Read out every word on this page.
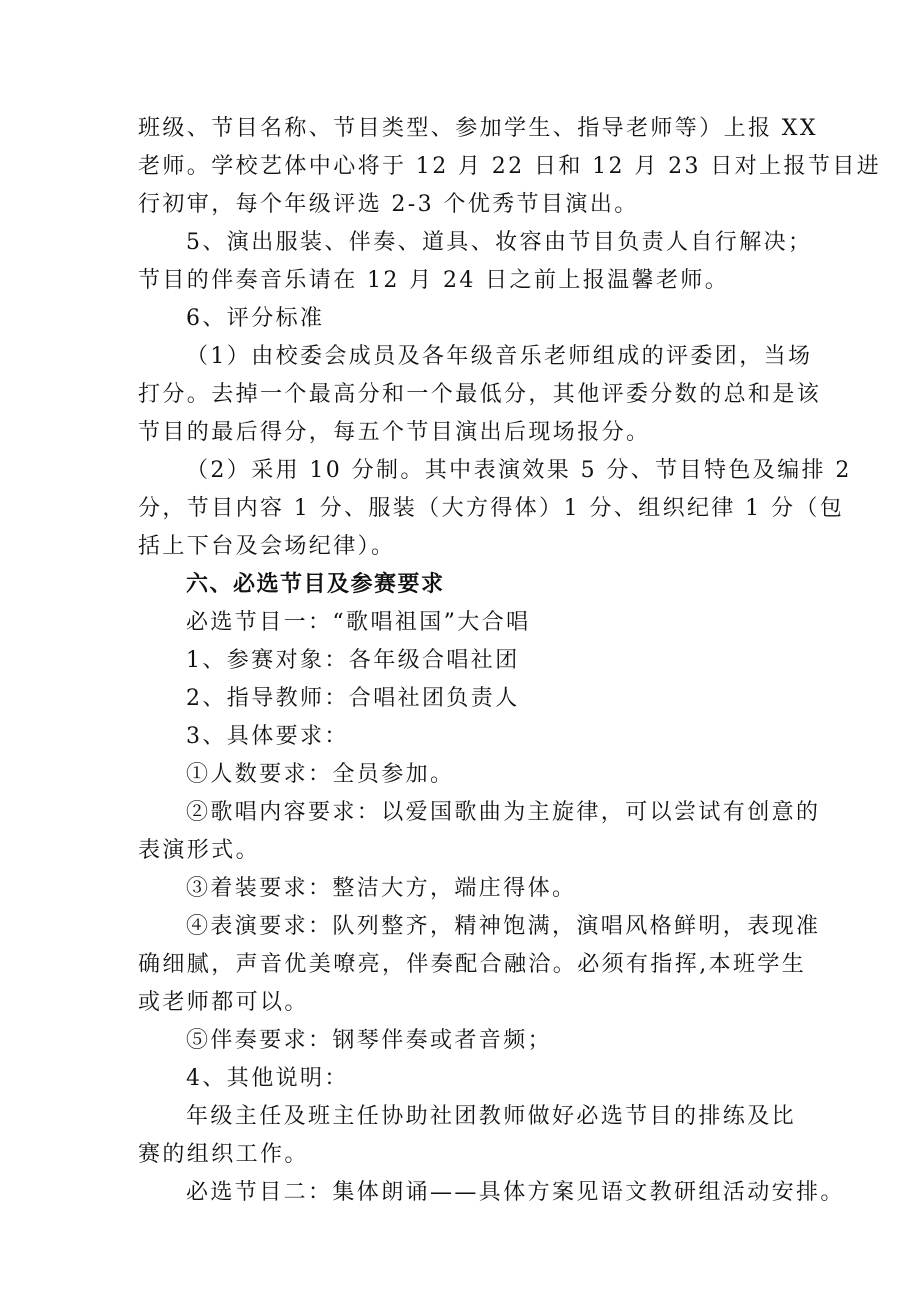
班级、节目名称、节目类型、参加学生、指导老师等）上报 XX
老师。学校艺体中心将于 12 月 22 日和 12 月 23 日对上报节目进
行初审，每个年级评选 2-3 个优秀节目演出。
5、演出服装、伴奏、道具、妆容由节目负责人自行解决；
节目的伴奏音乐请在 12 月 24 日之前上报温馨老师。
6、评分标准
（1）由校委会成员及各年级音乐老师组成的评委团，当场
打分。去掉一个最高分和一个最低分，其他评委分数的总和是该
节目的最后得分，每五个节目演出后现场报分。
（2）采用 10 分制。其中表演效果 5 分、节目特色及编排 2
分，节目内容 1 分、服装（大方得体）1 分、组织纪律 1 分（包
括上下台及会场纪律）。
六、必选节目及参赛要求
必选节目一：“歌唱祖国”大合唱
1、参赛对象：各年级合唱社团
2、指导教师：合唱社团负责人
3、具体要求：
①人数要求：全员参加。
②歌唱内容要求：以爱国歌曲为主旋律，可以尝试有创意的
表演形式。
③着装要求：整洁大方，端庄得体。
④表演要求：队列整齐，精神饱满，演唱风格鲜明，表现准
确细腻，声音优美嘹亮，伴奏配合融洽。必须有指挥,本班学生
或老师都可以。
⑤伴奏要求：钢琴伴奏或者音频；
4、其他说明：
年级主任及班主任协助社团教师做好必选节目的排练及比
赛的组织工作。
必选节目二：集体朗诵——具体方案见语文教研组活动安排。
